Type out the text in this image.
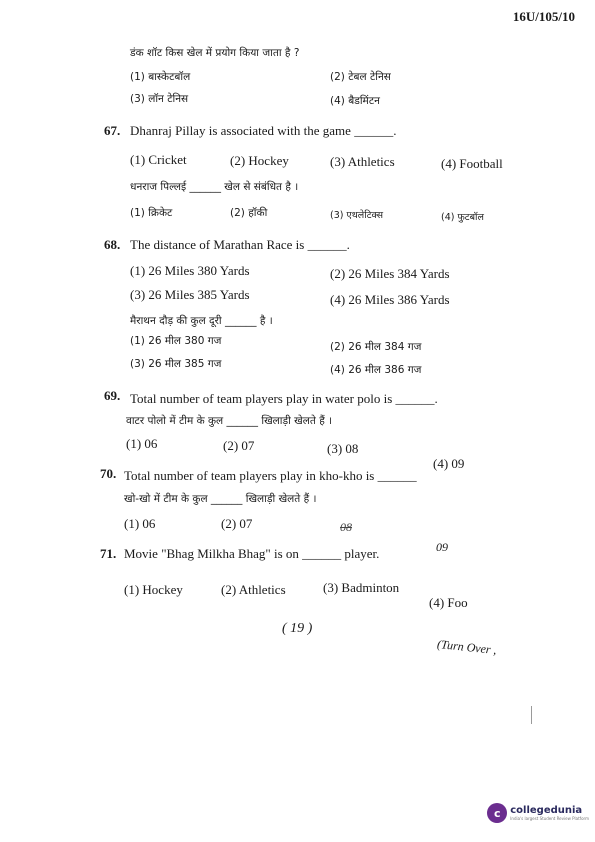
16U/105/10
डंक शॉट किस खेल में प्रयोग किया जाता है ?
(1) बास्केटबॉल	(2) टेबल टेनिस
(3) लॉन टेनिस	(4) बैडमिंटन
67. Dhanraj Pillay is associated with the game ______.
(1) Cricket	(2) Hockey	(3) Athletics	(4) Football
धनराज पिल्लई ______ खेल से संबंधित है ।
(1) क्रिकेट	(2) हॉकी	(3) एथलेटिक्स	(4) फुटबॉल
68. The distance of Marathan Race is ______.
(1) 26 Miles 380 Yards	(2) 26 Miles 384 Yards
(3) 26 Miles 385 Yards	(4) 26 Miles 386 Yards
मैराथन दौड़ की कुल दूरी ______ है ।
(1) 26 मील 380 गज	(2) 26 मील 384 गज
(3) 26 मील 385 गज	(4) 26 मील 386 गज
69. Total number of team players play in water polo is ______.
वाटर पोलो में टीम के कुल ______ खिलाड़ी खेलते हैं ।
(1) 06	(2) 07	(3) 08
(4) 09
70. Total number of team players play in kho-kho is ______
खो-खो में टीम के कुल ______ खिलाड़ी खेलते हैं ।
(1) 06	(2) 07	08
09
71. Movie "Bhag Milkha Bhag" is on ______ player.
(1) Hockey	(2) Athletics	(3) Badminton
(4) Foo
( 19 )
(Turn Over ,
c collegedunia
India's largest Student Review Platform
